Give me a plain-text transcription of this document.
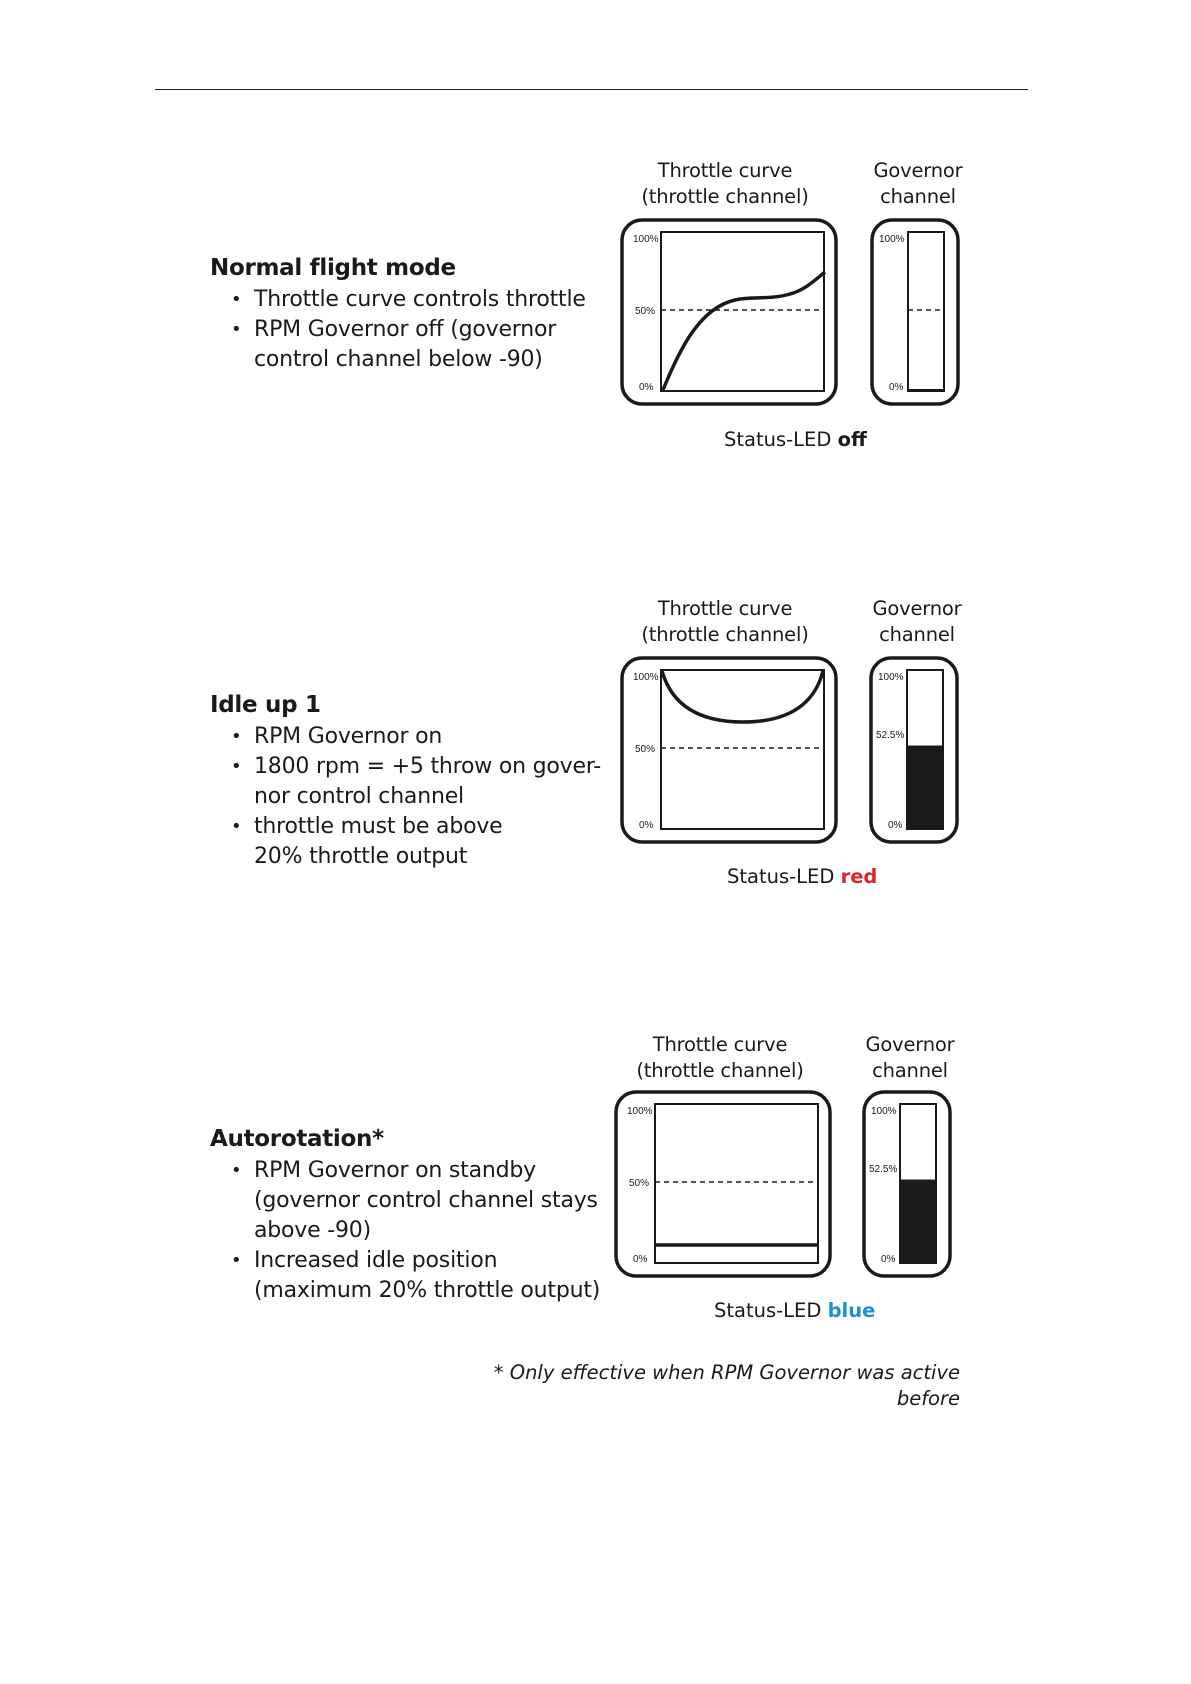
Normal flight mode
• Throttle curve controls throttle
• RPM Governor off (governor control channel below -90)
Throttle curve
(throttle channel)
Governor
channel
100%
50%
0%
100%
0%
Status-LED off
Idle up 1
• RPM Governor on
• 1800 rpm = +5 throw on gover-nor control channel
• throttle must be above 20% throttle output
Throttle curve
(throttle channel)
Governor
channel
100%
50%
0%
100%
52.5%
0%
Status-LED red
Autorotation*
• RPM Governor on standby (governor control channel stays above -90)
• Increased idle position (maximum 20% throttle output)
Throttle curve
(throttle channel)
Governor
channel
100%
50%
0%
100%
52.5%
0%
Status-LED blue
* Only effective when RPM Governor was active before
